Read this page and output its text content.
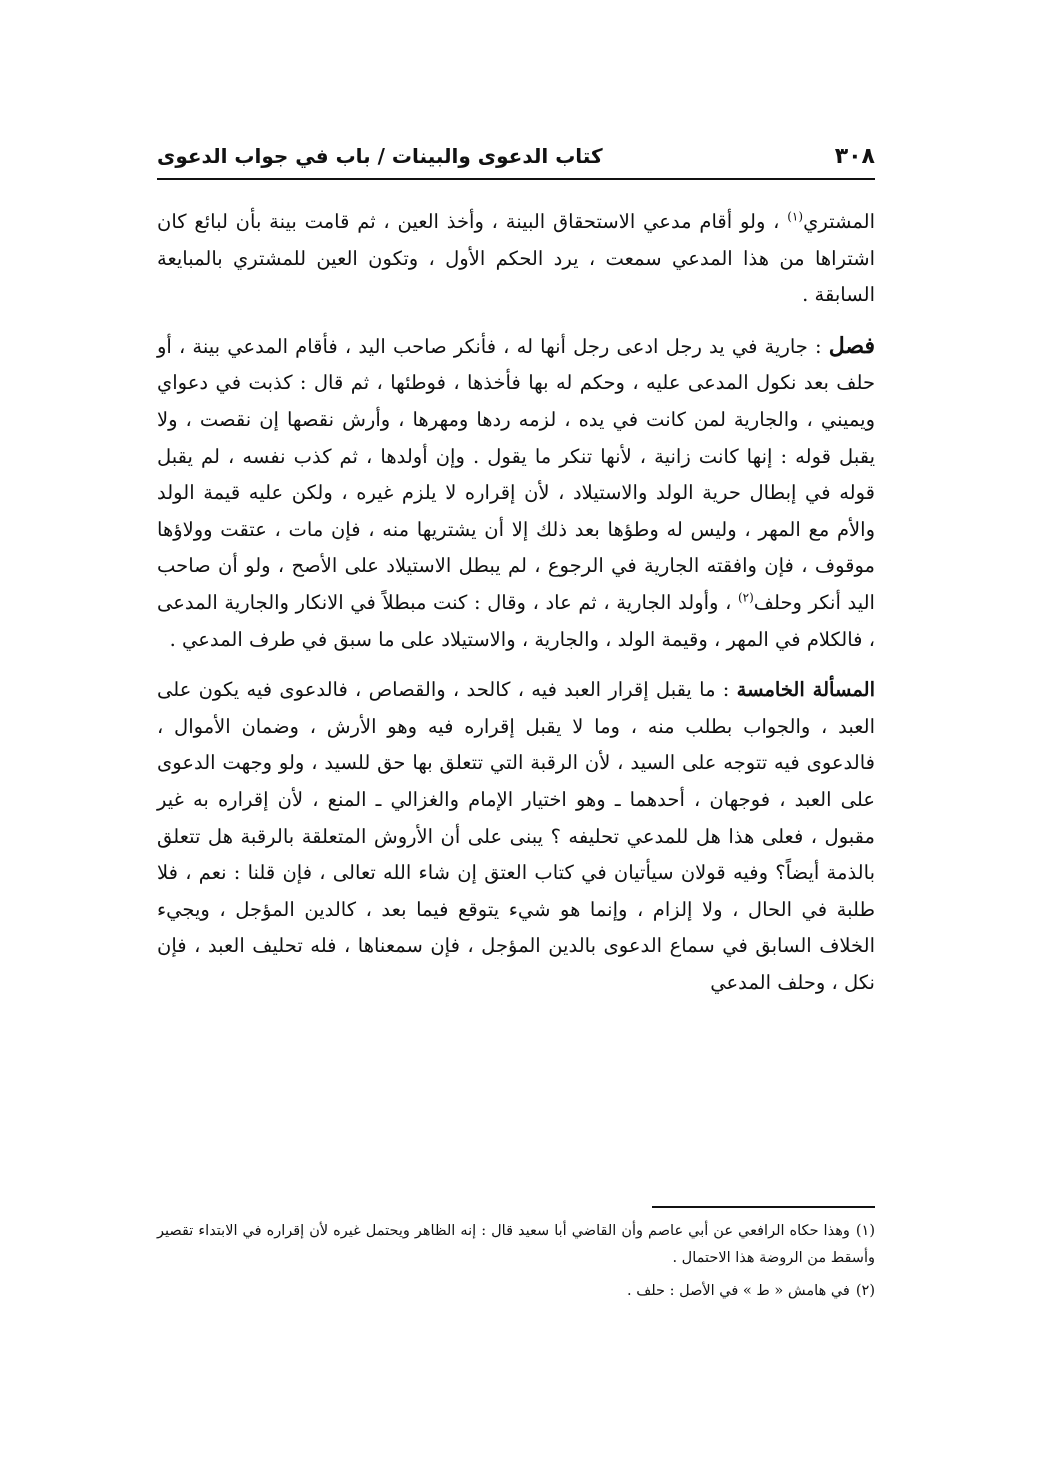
٣٠٨
كتاب الدعوى والبينات / باب في جواب الدعوى

المشتري$^{(١)}$ ، ولو أقام مدعي الاستحقاق البينة ، وأخذ العين ، ثم قامت بينة بأن لبائع كان اشتراها من هذا المدعي سمعت ، يرد الحكم الأول ، وتكون العين للمشتري بالمبايعة السابقة .

فصل : جارية في يد رجل ادعى رجل أنها له ، فأنكر صاحب اليد ، فأقام المدعي بينة ، أو حلف بعد نكول المدعى عليه ، وحكم له بها فأخذها ، فوطئها ، ثم قال : كذبت في دعواي ويميني ، والجارية لمن كانت في يده ، لزمه ردها ومهرها ، وأرش نقصها إن نقصت ، ولا يقبل قوله : إنها كانت زانية ، لأنها تنكر ما يقول . وإن أولدها ، ثم كذب نفسه ، لم يقبل قوله في إبطال حرية الولد والاستيلاد ، لأن إقراره لا يلزم غيره ، ولكن عليه قيمة الولد والأم مع المهر ، وليس له وطؤها بعد ذلك إلا أن يشتريها منه ، فإن مات ، عتقت وولاؤها موقوف ، فإن وافقته الجارية في الرجوع ، لم يبطل الاستيلاد على الأصح ، ولو أن صاحب اليد أنكر وحلف$^{(٢)}$ ، وأولد الجارية ، ثم عاد ، وقال : كنت مبطلاً في الانكار والجارية المدعى ، فالكلام في المهر ، وقيمة الولد ، والجارية ، والاستيلاد على ما سبق في طرف المدعي .

المسألة الخامسة : ما يقبل إقرار العبد فيه ، كالحد ، والقصاص ، فالدعوى فيه يكون على العبد ، والجواب بطلب منه ، وما لا يقبل إقراره فيه وهو الأرش ، وضمان الأموال ، فالدعوى فيه تتوجه على السيد ، لأن الرقبة التي تتعلق بها حق للسيد ، ولو وجهت الدعوى على العبد ، فوجهان ، أحدهما ـ وهو اختيار الإمام والغزالي ـ المنع ، لأن إقراره به غير مقبول ، فعلى هذا هل للمدعي تحليفه ؟ يبنى على أن الأروش المتعلقة بالرقبة هل تتعلق بالذمة أيضاً؟ وفيه قولان سيأتيان في كتاب العتق إن شاء الله تعالى ، فإن قلنا : نعم ، فلا طلبة في الحال ، ولا إلزام ، وإنما هو شيء يتوقع فيما بعد ، كالدين المؤجل ، ويجيء الخلاف السابق في سماع الدعوى بالدين المؤجل ، فإن سمعناها ، فله تحليف العبد ، فإن نكل ، وحلف المدعي

(١)وهذا حكاه الرافعي عن أبي عاصم وأن القاضي أبا سعيد قال : إنه الظاهر ويحتمل غيره لأن إقراره في الابتداء تقصير وأسقط من الروضة هذا الاحتمال .

(٢)في هامش « ط » في الأصل : حلف .
